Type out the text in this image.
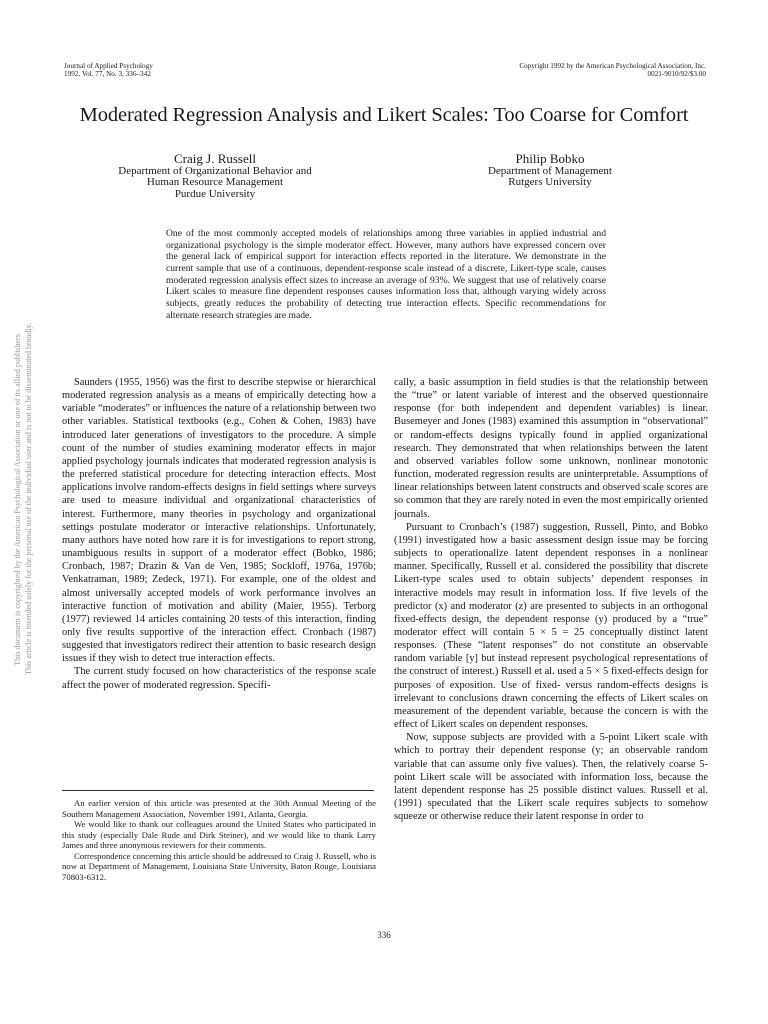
Journal of Applied Psychology
1992, Vol. 77, No. 3, 336–342
Copyright 1992 by the American Psychological Association, Inc.
0021-9010/92/$3.00
Moderated Regression Analysis and Likert Scales: Too Coarse for Comfort
Craig J. Russell
Department of Organizational Behavior and
Human Resource Management
Purdue University
Philip Bobko
Department of Management
Rutgers University
One of the most commonly accepted models of relationships among three variables in applied industrial and organizational psychology is the simple moderator effect. However, many authors have expressed concern over the general lack of empirical support for interaction effects reported in the literature. We demonstrate in the current sample that use of a continuous, dependent-response scale instead of a discrete, Likert-type scale, causes moderated regression analysis effect sizes to increase an average of 93%. We suggest that use of relatively coarse Likert scales to measure fine dependent responses causes information loss that, although varying widely across subjects, greatly reduces the probability of detecting true interaction effects. Specific recommendations for alternate research strategies are made.
This document is copyrighted by the American Psychological Association or one of its allied publishers. This article is intended solely for the personal use of the individual user and is not to be disseminated broadly.	Saunders (1955, 1956) was the first to describe stepwise or hierarchical moderated regression analysis as a means of empirically detecting how a variable “moderates” or influences the nature of a relationship between two other variables. Statistical textbooks (e.g., Cohen & Cohen, 1983) have introduced later generations of investigators to the procedure. A simple count of the number of studies examining moderator effects in major applied psychology journals indicates that moderated regression analysis is the preferred statistical procedure for detecting interaction effects. Most applications involve random-effects designs in field settings where surveys are used to measure individual and organizational characteristics of interest. Furthermore, many theories in psychology and organizational settings postulate moderator or interactive relationships. Unfortunately, many authors have noted how rare it is for investigations to report strong, unambiguous results in support of a moderator effect (Bobko, 1986; Cronbach, 1987; Drazin & Van de Ven, 1985; Sockloff, 1976a, 1976b; Venkatraman, 1989; Zedeck, 1971). For example, one of the oldest and almost universally accepted models of work performance involves an interactive function of motivation and ability (Maier, 1955). Terborg (1977) reviewed 14 articles containing 20 tests of this interaction, finding only five results supportive of the interaction effect. Cronbach (1987) suggested that investigators redirect their attention to basic research design issues if they wish to detect true interaction effects.

The current study focused on how characteristics of the response scale affect the power of moderated regression. Specifi-

An earlier version of this article was presented at the 30th Annual Meeting of the Southern Management Association, November 1991, Atlanta, Georgia.

We would like to thank our colleagues around the United States who participated in this study (especially Dale Rude and Dirk Steiner), and we would like to thank Larry James and three anonymous reviewers for their comments.

Correspondence concerning this article should be addressed to Craig J. Russell, who is now at Department of Management, Louisiana State University, Baton Rouge, Louisiana 70803-6312.

cally, a basic assumption in field studies is that the relationship between the “true” or latent variable of interest and the observed questionnaire response (for both independent and dependent variables) is linear. Busemeyer and Jones (1983) examined this assumption in “observational” or random-effects designs typically found in applied organizational research. They demonstrated that when relationships between the latent and observed variables follow some unknown, nonlinear monotonic function, moderated regression results are uninterpretable. Assumptions of linear relationships between latent constructs and observed scale scores are so common that they are rarely noted in even the most empirically oriented journals.

Pursuant to Cronbach’s (1987) suggestion, Russell, Pinto, and Bobko (1991) investigated how a basic assessment design issue may be forcing subjects to operationalize latent dependent responses in a nonlinear manner. Specifically, Russell et al. considered the possibility that discrete Likert-type scales used to obtain subjects’ dependent responses in interactive models may result in information loss. If five levels of the predictor (x) and moderator (z) are presented to subjects in an orthogonal fixed-effects design, the dependent response (y) produced by a “true” moderator effect will contain 5 × 5 = 25 conceptually distinct latent responses. (These “latent responses” do not constitute an observable random variable [y] but instead represent psychological representations of the construct of interest.) Russell et al. used a 5 × 5 fixed-effects design for purposes of exposition. Use of fixed- versus random-effects designs is irrelevant to conclusions drawn concerning the effects of Likert scales on measurement of the dependent variable, because the concern is with the effect of Likert scales on dependent responses.

Now, suppose subjects are provided with a 5-point Likert scale with which to portray their dependent response (y; an observable random variable that can assume only five values). Then, the relatively coarse 5-point Likert scale will be associated with information loss, because the latent dependent response has 25 possible distinct values. Russell et al. (1991) speculated that the Likert scale requires subjects to somehow squeeze or otherwise reduce their latent response in order to

336
